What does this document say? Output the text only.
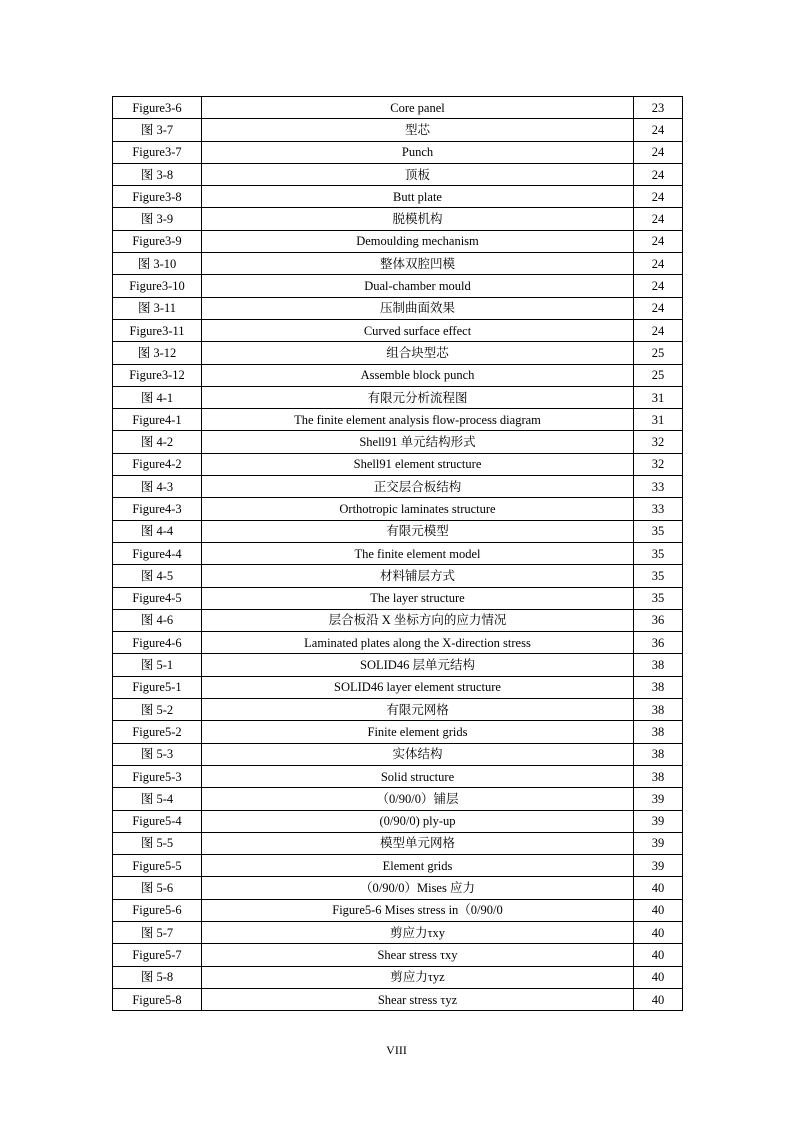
Figure3-6	Core panel	23
图 3-7	型芯	24
Figure3-7	Punch	24
图 3-8	顶板	24
Figure3-8	Butt plate	24
图 3-9	脱模机构	24
Figure3-9	Demoulding mechanism	24
图 3-10	整体双腔凹模	24
Figure3-10	Dual-chamber mould	24
图 3-11	压制曲面效果	24
Figure3-11	Curved surface effect	24
图 3-12	组合块型芯	25
Figure3-12	Assemble block punch	25
图 4-1	有限元分析流程图	31
Figure4-1	The finite element analysis flow-process diagram	31
图 4-2	Shell91 单元结构形式	32
Figure4-2	Shell91 element structure	32
图 4-3	正交层合板结构	33
Figure4-3	Orthotropic laminates structure	33
图 4-4	有限元模型	35
Figure4-4	The finite element model	35
图 4-5	材料铺层方式	35
Figure4-5	The layer structure	35
图 4-6	层合板沿 X 坐标方向的应力情况	36
Figure4-6	Laminated plates along the X-direction stress	36
图 5-1	SOLID46 层单元结构	38
Figure5-1	SOLID46 layer element structure	38
图 5-2	有限元网格	38
Figure5-2	Finite element grids	38
图 5-3	实体结构	38
Figure5-3	Solid structure	38
图 5-4	（0/90/0）铺层	39
Figure5-4	(0/90/0) ply-up	39
图 5-5	模型单元网格	39
Figure5-5	Element grids	39
图 5-6	（0/90/0）Mises 应力	40
Figure5-6	Figure5-6 Mises stress in（0/90/0	40
图 5-7	剪应力τxy	40
Figure5-7	Shear stress τxy	40
图 5-8	剪应力τyz	40
Figure5-8	Shear stress τyz	40
VIII
